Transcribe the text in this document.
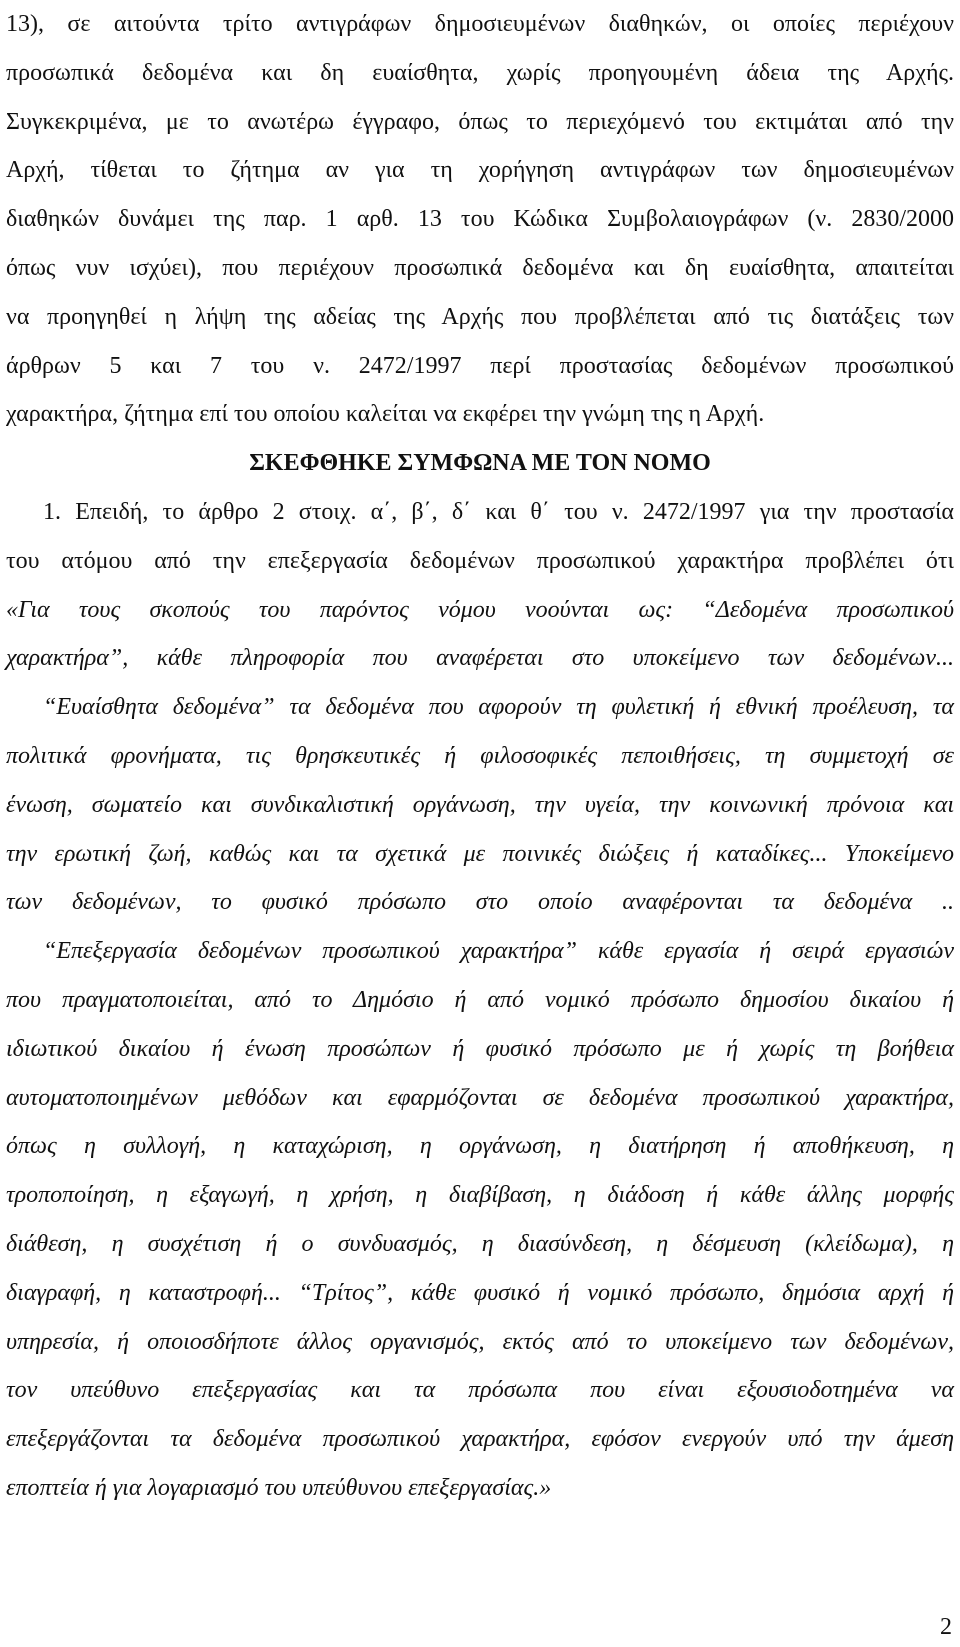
13), σε αιτούντα τρίτο αντιγράφων δημοσιευμένων διαθηκών, οι οποίες περιέχουν
προσωπικά δεδομένα και δη ευαίσθητα, χωρίς προηγουμένη άδεια της Αρχής.
Συγκεκριμένα, με το ανωτέρω έγγραφο, όπως το περιεχόμενό του εκτιμάται από την
Αρχή, τίθεται το ζήτημα αν για τη χορήγηση αντιγράφων των δημοσιευμένων
διαθηκών δυνάμει της παρ. 1 αρθ. 13 του Κώδικα Συμβολαιογράφων (ν. 2830/2000
όπως νυν ισχύει), που περιέχουν προσωπικά δεδομένα και δη ευαίσθητα, απαιτείται
να προηγηθεί η λήψη της αδείας της Αρχής που προβλέπεται από τις διατάξεις των
άρθρων 5 και 7 του ν. 2472/1997 περί προστασίας δεδομένων προσωπικού
χαρακτήρα, ζήτημα επί του οποίου καλείται να εκφέρει την γνώμη της η Αρχή.
ΣΚΕΦΘΗΚΕ ΣΥΜΦΩΝΑ ΜΕ ΤΟΝ ΝΟΜΟ
1. Επειδή, το άρθρο 2 στοιχ. α΄, β΄, δ΄ και θ΄ του ν. 2472/1997 για την προστασία
του ατόμου από την επεξεργασία δεδομένων προσωπικού χαρακτήρα προβλέπει ότι
«Για τους σκοπούς του παρόντος νόμου νοούνται ως: “Δεδομένα προσωπικού
χαρακτήρα”, κάθε πληροφορία που αναφέρεται στο υποκείμενο των δεδομένων...
“Ευαίσθητα δεδομένα” τα δεδομένα που αφορούν τη φυλετική ή εθνική προέλευση, τα
πολιτικά φρονήματα, τις θρησκευτικές ή φιλοσοφικές πεποιθήσεις, τη συμμετοχή σε
ένωση, σωματείο και συνδικαλιστική οργάνωση, την υγεία, την κοινωνική πρόνοια και
την ερωτική ζωή, καθώς και τα σχετικά με ποινικές διώξεις ή καταδίκες... Υποκείμενο
των δεδομένων, το φυσικό πρόσωπο στο οποίο αναφέρονται τα δεδομένα ..
“Επεξεργασία δεδομένων προσωπικού χαρακτήρα” κάθε εργασία ή σειρά εργασιών
που πραγματοποιείται, από το Δημόσιο ή από νομικό πρόσωπο δημοσίου δικαίου ή
ιδιωτικού δικαίου ή ένωση προσώπων ή φυσικό πρόσωπο με ή χωρίς τη βοήθεια
αυτοματοποιημένων μεθόδων και εφαρμόζονται σε δεδομένα προσωπικού χαρακτήρα,
όπως η συλλογή, η καταχώριση, η οργάνωση, η διατήρηση ή αποθήκευση, η
τροποποίηση, η εξαγωγή, η χρήση, η διαβίβαση, η διάδοση ή κάθε άλλης μορφής
διάθεση, η συσχέτιση ή ο συνδυασμός, η διασύνδεση, η δέσμευση (κλείδωμα), η
διαγραφή, η καταστροφή... “Τρίτος”, κάθε φυσικό ή νομικό πρόσωπο, δημόσια αρχή ή
υπηρεσία, ή οποιοσδήποτε άλλος οργανισμός, εκτός από το υποκείμενο των δεδομένων,
τον υπεύθυνο επεξεργασίας και τα πρόσωπα που είναι εξουσιοδοτημένα να
επεξεργάζονται τα δεδομένα προσωπικού χαρακτήρα, εφόσον ενεργούν υπό την άμεση
εποπτεία ή για λογαριασμό του υπεύθυνου επεξεργασίας.»
2
